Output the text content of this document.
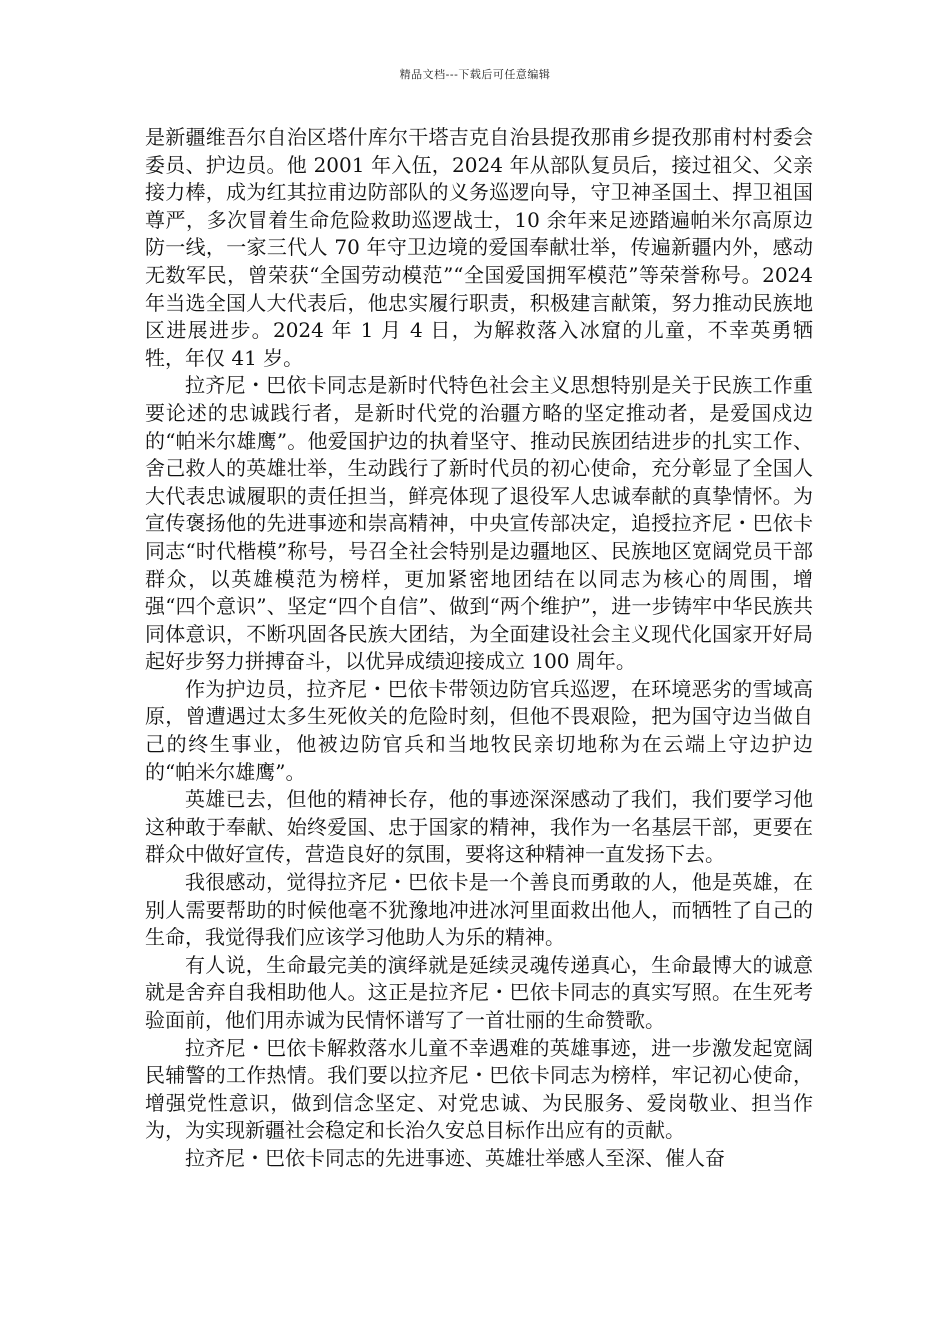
精品文档---下载后可任意编辑

是新疆维吾尔自治区塔什库尔干塔吉克自治县提孜那甫乡提孜那甫村村委会委员、护边员。他 2001 年入伍，2024 年从部队复员后，接过祖父、父亲接力棒，成为红其拉甫边防部队的义务巡逻向导，守卫神圣国土、捍卫祖国尊严，多次冒着生命危险救助巡逻战士，10 余年来足迹踏遍帕米尔高原边防一线，一家三代人 70 年守卫边境的爱国奉献壮举，传遍新疆内外，感动无数军民，曾荣获“全国劳动模范”“全国爱国拥军模范”等荣誉称号。2024 年当选全国人大代表后，他忠实履行职责，积极建言献策，努力推动民族地区进展进步。2024 年 1 月 4 日，为解救落入冰窟的儿童，不幸英勇牺牲，年仅 41 岁。

拉齐尼・巴依卡同志是新时代特色社会主义思想特别是关于民族工作重要论述的忠诚践行者，是新时代党的治疆方略的坚定推动者，是爱国戍边的“帕米尔雄鹰”。他爱国护边的执着坚守、推动民族团结进步的扎实工作、舍己救人的英雄壮举，生动践行了新时代员的初心使命，充分彰显了全国人大代表忠诚履职的责任担当，鲜亮体现了退役军人忠诚奉献的真挚情怀。为宣传褒扬他的先进事迹和崇高精神，中央宣传部决定，追授拉齐尼・巴依卡同志“时代楷模”称号，号召全社会特别是边疆地区、民族地区宽阔党员干部群众，以英雄模范为榜样，更加紧密地团结在以同志为核心的周围，增强“四个意识”、坚定“四个自信”、做到“两个维护”，进一步铸牢中华民族共同体意识，不断巩固各民族大团结，为全面建设社会主义现代化国家开好局起好步努力拼搏奋斗，以优异成绩迎接成立 100 周年。

作为护边员，拉齐尼・巴依卡带领边防官兵巡逻，在环境恶劣的雪域高原，曾遭遇过太多生死攸关的危险时刻，但他不畏艰险，把为国守边当做自己的终生事业，他被边防官兵和当地牧民亲切地称为在云端上守边护边的“帕米尔雄鹰”。

英雄已去，但他的精神长存，他的事迹深深感动了我们，我们要学习他这种敢于奉献、始终爱国、忠于国家的精神，我作为一名基层干部，更要在群众中做好宣传，营造良好的氛围，要将这种精神一直发扬下去。

我很感动，觉得拉齐尼・巴依卡是一个善良而勇敢的人，他是英雄，在别人需要帮助的时候他毫不犹豫地冲进冰河里面救出他人，而牺牲了自己的生命，我觉得我们应该学习他助人为乐的精神。

有人说，生命最完美的演绎就是延续灵魂传递真心，生命最博大的诚意就是舍弃自我相助他人。这正是拉齐尼・巴依卡同志的真实写照。在生死考验面前，他们用赤诚为民情怀谱写了一首壮丽的生命赞歌。

拉齐尼・巴依卡解救落水儿童不幸遇难的英雄事迹，进一步激发起宽阔民辅警的工作热情。我们要以拉齐尼・巴依卡同志为榜样，牢记初心使命，增强党性意识，做到信念坚定、对党忠诚、为民服务、爱岗敬业、担当作为，为实现新疆社会稳定和长治久安总目标作出应有的贡献。

拉齐尼・巴依卡同志的先进事迹、英雄壮举感人至深、催人奋
